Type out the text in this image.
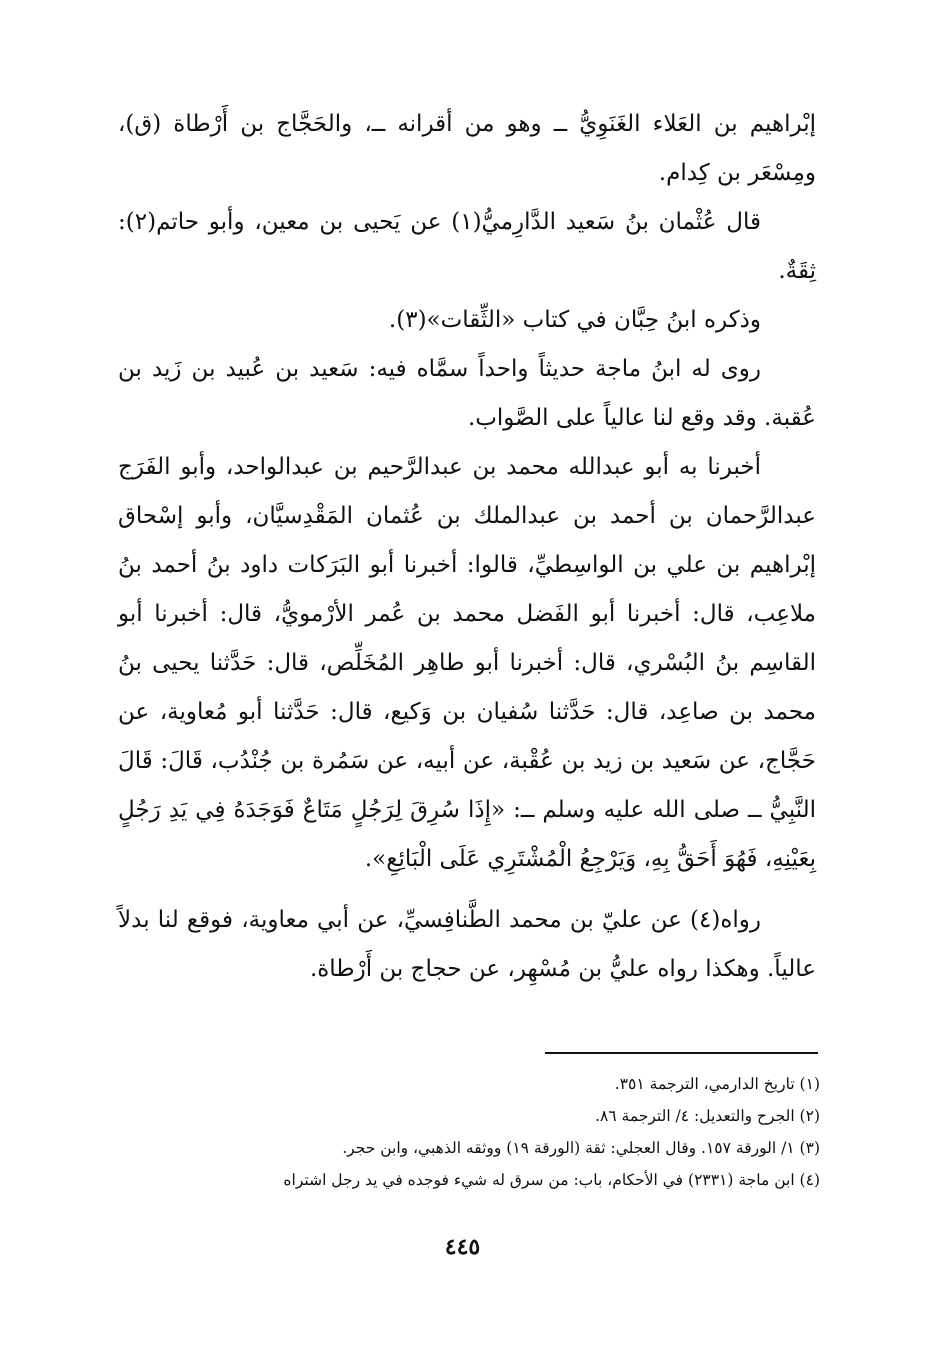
إبْراهيم بن العَلاء الغَنَوِيُّ ــ وهو من أقرانه ــ، والحَجَّاج بن أَرْطاة (ق)، ومِسْعَر بن كِدام.

قال عُثْمان بنُ سَعيد الدَّارِميُّ(١) عن يَحيى بن معين، وأبو حاتم(٢): ثِقَةٌ.

وذكره ابنُ حِبَّان في كتاب «الثِّقات»(٣).

روى له ابنُ ماجة حديثاً واحداً سمَّاه فيه: سَعيد بن عُبيد بن زَيد بن عُقبة. وقد وقع لنا عالياً على الصَّواب.

أخبرنا به أبو عبدالله محمد بن عبدالرَّحيم بن عبدالواحد، وأبو الفَرَج عبدالرَّحمان بن أحمد بن عبدالملك بن عُثمان المَقْدِسيَّان، وأبو إسْحاق إبْراهيم بن علي بن الواسِطيِّ، قالوا: أخبرنا أبو البَرَكات داود بنُ أحمد بنُ ملاعِب، قال: أخبرنا أبو الفَضل محمد بن عُمر الأرْمويُّ، قال: أخبرنا أبو القاسِم بنُ البُسْري، قال: أخبرنا أبو طاهِر المُخَلِّص، قال: حَدَّثنا يحيى بنُ محمد بن صاعِد، قال: حَدَّثنا سُفيان بن وَكيع، قال: حَدَّثنا أبو مُعاوية، عن حَجَّاج، عن سَعيد بن زيد بن عُقْبة، عن أبيه، عن سَمُرة بن جُنْدُب، قَالَ: قَالَ النَّبِيُّ ــ صلى الله عليه وسلم ــ: «إِذَا سُرِقَ لِرَجُلٍ مَتَاعٌ فَوَجَدَهُ فِي يَدِ رَجُلٍ بِعَيْنِهِ، فَهُوَ أَحَقُّ بِهِ، وَيَرْجِعُ الْمُشْتَرِي عَلَى الْبَائِعِ».

رواه(٤) عن عليّ بن محمد الطَّنافِسيِّ، عن أبي معاوية، فوقع لنا بدلاً عالياً. وهكذا رواه عليُّ بن مُسْهِر، عن حجاج بن أَرْطاة.

(١) تاريخ الدارمي، الترجمة ٣٥١.

(٢) الجرح والتعديل: ٤/ الترجمة ٨٦.

(٣) ١/ الورقة ١٥٧. وقال العجلي: ثقة (الورقة ١٩) ووثقه الذهبي، وابن حجر.

(٤) ابن ماجة (٢٣٣١) في الأحكام، باب: من سرق له شيء فوجده في يد رجل اشتراه

٤٤٥
